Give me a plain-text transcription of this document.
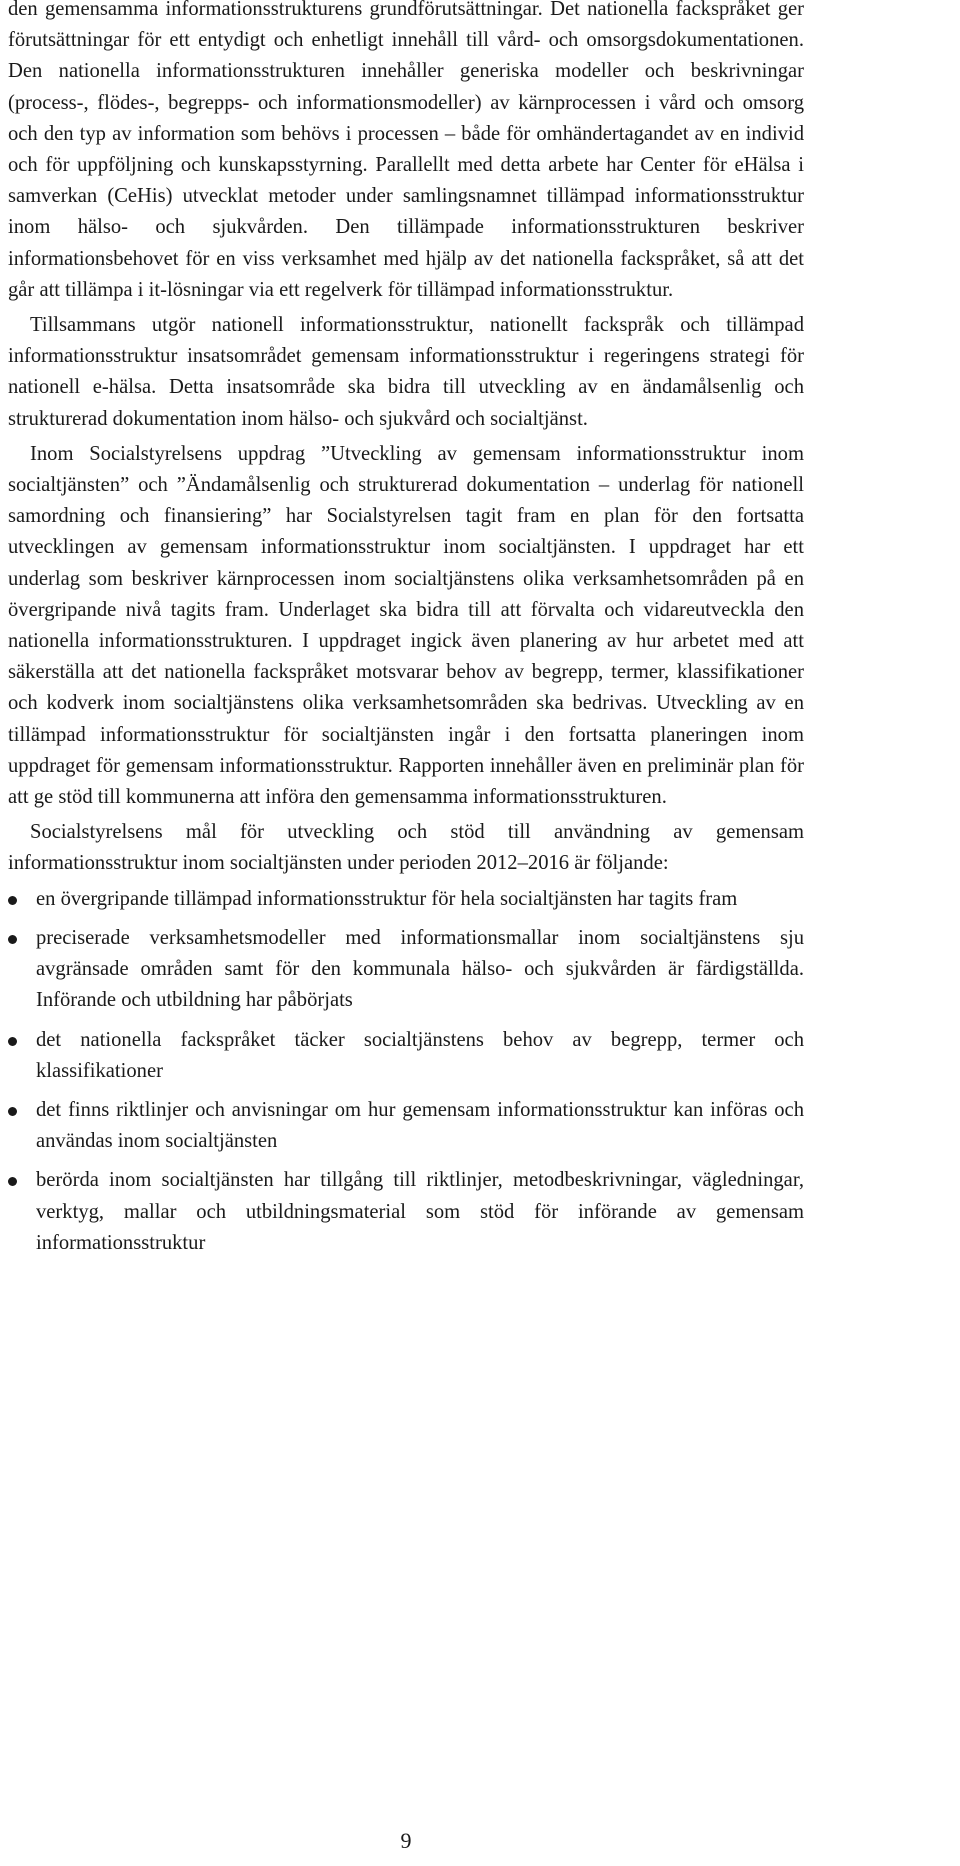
den gemensamma informationsstrukturens grundförutsättningar. Det nationella fackspråket ger förutsättningar för ett entydigt och enhetligt innehåll till vård- och omsorgsdokumentationen. Den nationella informationsstrukturen innehåller generiska modeller och beskrivningar (process-, flödes-, begrepps- och informationsmodeller) av kärnprocessen i vård och omsorg och den typ av information som behövs i processen – både för omhändertagandet av en individ och för uppföljning och kunskapsstyrning. Parallellt med detta arbete har Center för eHälsa i samverkan (CeHis) utvecklat metoder under samlingsnamnet tillämpad informationsstruktur inom hälso- och sjukvården. Den tillämpade informationsstrukturen beskriver informationsbehovet för en viss verksamhet med hjälp av det nationella fackspråket, så att det går att tillämpa i it-lösningar via ett regelverk för tillämpad informationsstruktur.

Tillsammans utgör nationell informationsstruktur, nationellt fackspråk och tillämpad informationsstruktur insatsområdet gemensam informationsstruktur i regeringens strategi för nationell e-hälsa. Detta insatsområde ska bidra till utveckling av en ändamålsenlig och strukturerad dokumentation inom hälso- och sjukvård och socialtjänst.

Inom Socialstyrelsens uppdrag ”Utveckling av gemensam informationsstruktur inom socialtjänsten” och ”Ändamålsenlig och strukturerad dokumentation – underlag för nationell samordning och finansiering” har Socialstyrelsen tagit fram en plan för den fortsatta utvecklingen av gemensam informationsstruktur inom socialtjänsten. I uppdraget har ett underlag som beskriver kärnprocessen inom socialtjänstens olika verksamhetsområden på en övergripande nivå tagits fram. Underlaget ska bidra till att förvalta och vidareutveckla den nationella informationsstrukturen. I uppdraget ingick även planering av hur arbetet med att säkerställa att det nationella fackspråket motsvarar behov av begrepp, termer, klassifikationer och kodverk inom socialtjänstens olika verksamhetsområden ska bedrivas. Utveckling av en tillämpad informationsstruktur för socialtjänsten ingår i den fortsatta planeringen inom uppdraget för gemensam informationsstruktur. Rapporten innehåller även en preliminär plan för att ge stöd till kommunerna att införa den gemensamma informationsstrukturen.

Socialstyrelsens mål för utveckling och stöd till användning av gemensam informationsstruktur inom socialtjänsten under perioden 2012–2016 är följande:

en övergripande tillämpad informationsstruktur för hela socialtjänsten har tagits fram
preciserade verksamhetsmodeller med informationsmallar inom socialtjänstens sju avgränsade områden samt för den kommunala hälso- och sjukvården är färdigställda. Införande och utbildning har påbörjats
det nationella fackspråket täcker socialtjänstens behov av begrepp, termer och klassifikationer
det finns riktlinjer och anvisningar om hur gemensam informationsstruktur kan införas och användas inom socialtjänsten
berörda inom socialtjänsten har tillgång till riktlinjer, metodbeskrivningar, vägledningar, verktyg, mallar och utbildningsmaterial som stöd för införande av gemensam informationsstruktur
9
